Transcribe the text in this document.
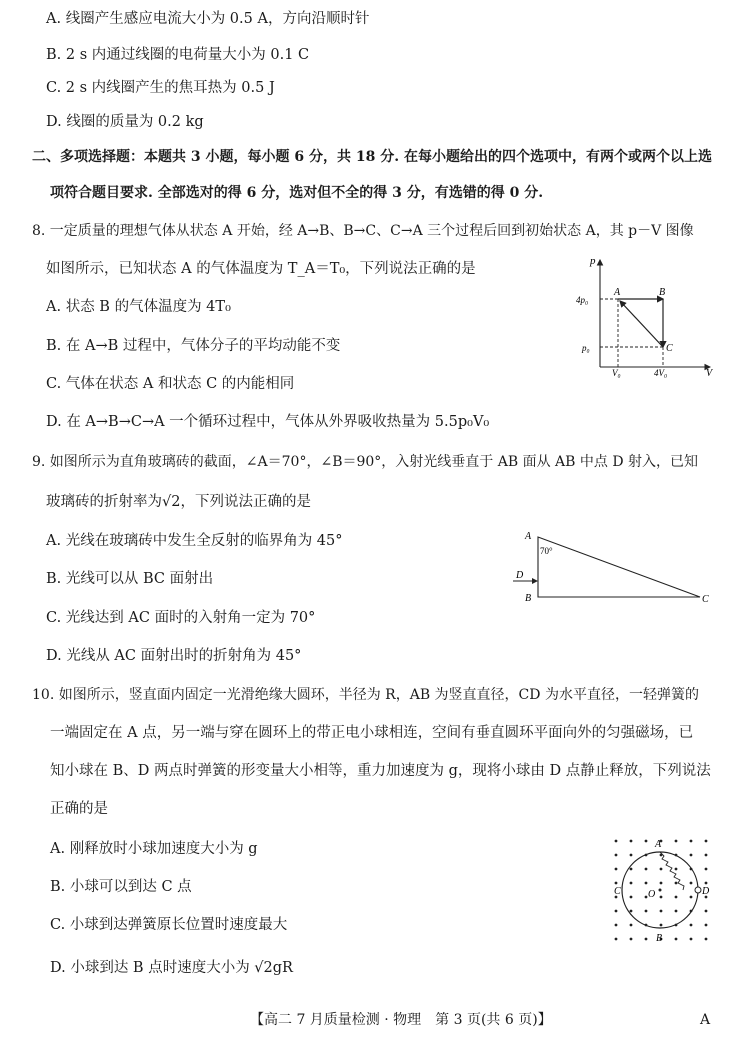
A. 线圈产生感应电流大小为 0.5 A，方向沿顺时针
B. 2 s 内通过线圈的电荷量大小为 0.1 C
C. 2 s 内线圈产生的焦耳热为 0.5 J
D. 线圈的质量为 0.2 kg
二、多项选择题：本题共 3 小题，每小题 6 分，共 18 分. 在每小题给出的四个选项中，有两个或两个以上选
项符合题目要求. 全部选对的得 6 分，选对但不全的得 3 分，有选错的得 0 分.
8. 一定质量的理想气体从状态 A 开始，经 A→B、B→C、C→A 三个过程后回到初始状态 A，其 p－V 图像
如图所示，已知状态 A 的气体温度为 T_A＝T₀，下列说法正确的是
A. 状态 B 的气体温度为 4T₀
B. 在 A→B 过程中，气体分子的平均动能不变
C. 气体在状态 A 和状态 C 的内能相同
D. 在 A→B→C→A 一个循环过程中，气体从外界吸收热量为 5.5p₀V₀
p
V
4p₀
p₀
V₀	4V₀
A	B
C
9. 如图所示为直角玻璃砖的截面，∠A＝70°，∠B＝90°，入射光线垂直于 AB 面从 AB 中点 D 射入，已知
玻璃砖的折射率为√2，下列说法正确的是
A. 光线在玻璃砖中发生全反射的临界角为 45°
B. 光线可以从 BC 面射出
C. 光线达到 AC 面时的入射角一定为 70°
D. 光线从 AC 面射出时的折射角为 45°
A
B	C
D
70°
10. 如图所示，竖直面内固定一光滑绝缘大圆环，半径为 R，AB 为竖直直径，CD 为水平直径，一轻弹簧的
一端固定在 A 点，另一端与穿在圆环上的带正电小球相连，空间有垂直圆环平面向外的匀强磁场，已
知小球在 B、D 两点时弹簧的形变量大小相等，重力加速度为 g，现将小球由 D 点静止释放，下列说法
正确的是
A. 刚释放时小球加速度大小为 g
B. 小球可以到达 C 点
C. 小球到达弹簧原长位置时速度最大
D. 小球到达 B 点时速度大小为 √2gR
A
B
C	D
O
【高二 7 月质量检测 · 物理　第 3 页(共 6 页)】	A
